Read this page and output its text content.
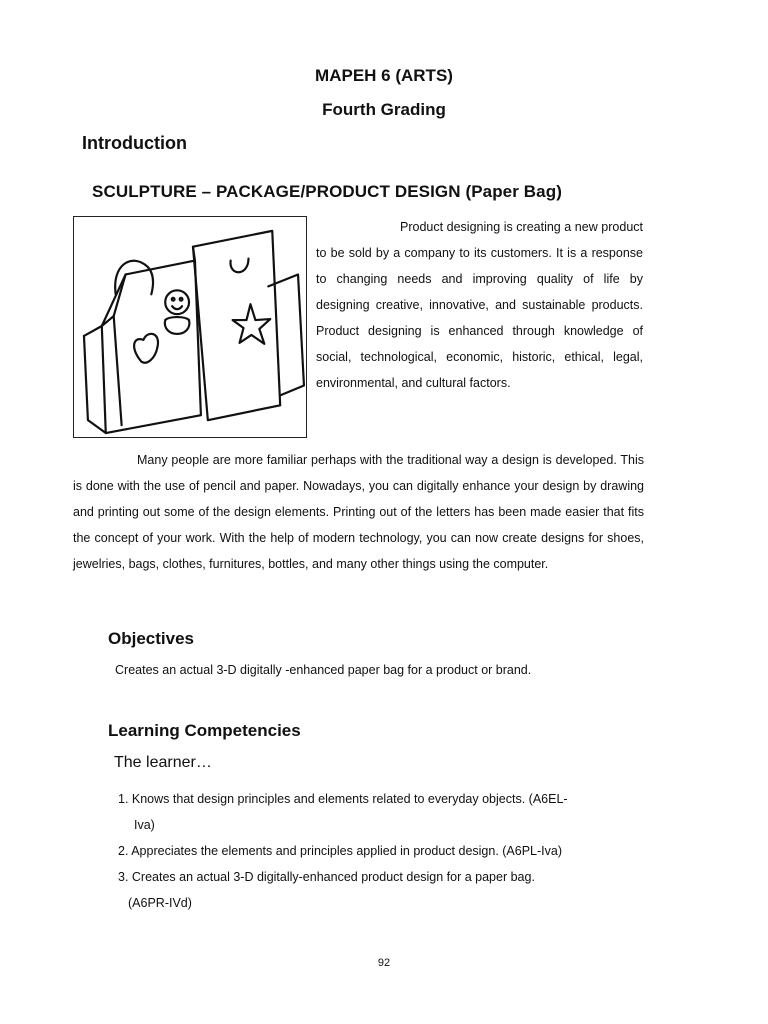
MAPEH 6 (ARTS)
Fourth Grading
Introduction
SCULPTURE – PACKAGE/PRODUCT DESIGN (Paper Bag)
Product designing is creating a new product to be sold by a company to its customers. It is a response to changing needs and improving quality of life by designing creative, innovative, and sustainable products. Product designing is enhanced through knowledge of social, technological, economic, historic, ethical, legal, environmental, and cultural factors.
Many people are more familiar perhaps with the traditional way a design is developed. This is done with the use of pencil and paper. Nowadays, you can digitally enhance your design by drawing and printing out some of the design elements. Printing out of the letters has been made easier that fits the concept of your work. With the help of modern technology, you can now create designs for shoes, jewelries, bags, clothes, furnitures, bottles, and many other things using the computer.
Objectives
Creates an actual 3-D digitally -enhanced paper bag for a product or brand.
Learning Competencies
The learner…
1. Knows that design principles and elements related to everyday objects. (A6EL-
Iva)
2. Appreciates the elements and principles applied in product design. (A6PL-Iva)
3. Creates an actual 3-D digitally-enhanced product design for a paper bag.
(A6PR-IVd)
92
